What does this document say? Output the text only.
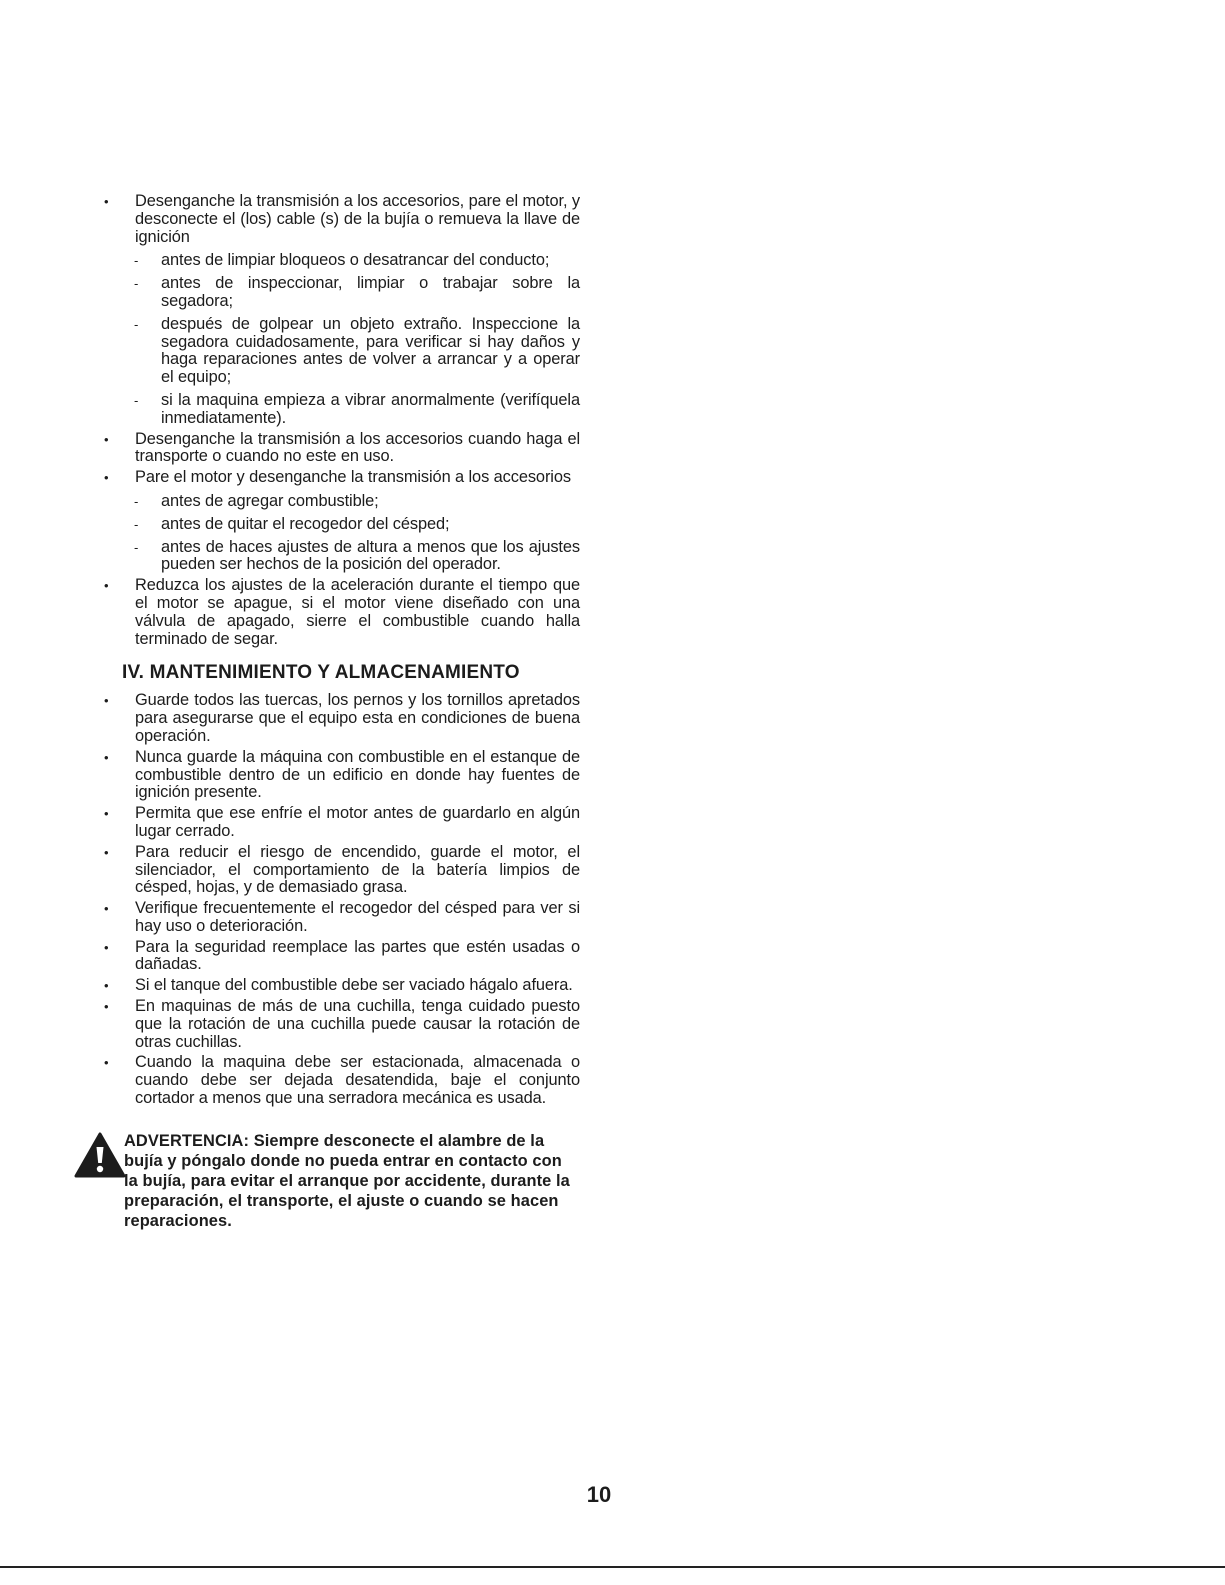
• Desenganche la transmisión a los accesorios, pare el motor, y desconecte el (los) cable (s) de la bujía o remueva la llave de ignición
- antes de limpiar bloqueos o desatrancar del conducto;
- antes de inspeccionar, limpiar o trabajar sobre la segadora;
- después de golpear un objeto extraño. Inspeccione la segadora cuidadosamente, para verificar si hay daños y haga reparaciones antes de volver a arrancar y a operar el equipo;
- si la maquina empieza a vibrar anormalmente (verifíquela inmediatamente).
• Desenganche la transmisión a los accesorios cuando haga el transporte o cuando no este en uso.
• Pare el motor y desenganche la transmisión a los accesorios
- antes de agregar combustible;
- antes de quitar el recogedor del césped;
- antes de haces ajustes de altura a menos que los ajustes pueden ser hechos de la posición del operador.
• Reduzca los ajustes de la aceleración durante el tiempo que el motor se apague, si el motor viene diseñado con una válvula de apagado, sierre el combustible cuando halla terminado de segar.
IV. MANTENIMIENTO Y ALMACENAMIENTO
• Guarde todos las tuercas, los pernos y los tornillos apretados para asegurarse que el equipo esta en condiciones de buena operación.
• Nunca guarde la máquina con combustible en el estanque de combustible dentro de un edificio en donde hay fuentes de ignición presente.
• Permita que ese enfríe el motor antes de guardarlo en algún lugar cerrado.
• Para reducir el riesgo de encendido, guarde el motor, el silenciador, el comportamiento de la batería limpios de césped, hojas, y de demasiado grasa.
• Verifique frecuentemente el recogedor del césped para ver si hay uso o deterioración.
• Para la seguridad reemplace las partes que estén usadas o dañadas.
• Si el tanque del combustible debe ser vaciado hágalo afuera.
• En maquinas de más de una cuchilla, tenga cuidado puesto que la rotación de una cuchilla puede causar la rotación de otras cuchillas.
• Cuando la maquina debe ser estacionada, almacenada o cuando debe ser dejada desatendida, baje el conjunto cortador a menos que una serradora mecánica es usada.
ADVERTENCIA: Siempre desconecte el alambre de la bujía y póngalo donde no pueda entrar en contacto con la bujía, para evitar el arranque por accidente, durante la preparación, el transporte, el ajuste o cuando se hacen reparaciones.
10
